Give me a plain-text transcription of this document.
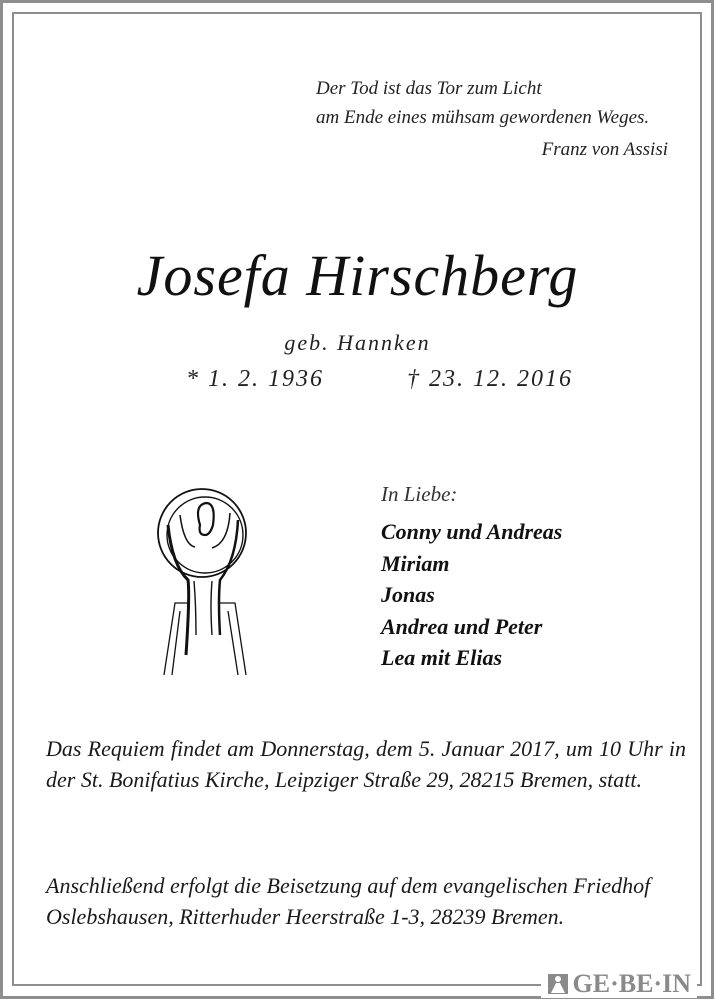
Der Tod ist das Tor zum Licht
am Ende eines mühsam gewordenen Weges.
Franz von Assisi
Josefa Hirschberg
geb. Hannken
* 1. 2. 1936	† 23. 12. 2016
In Liebe:
Conny und Andreas
Miriam
Jonas
Andrea und Peter
Lea mit Elias
Das Requiem findet am Donnerstag, dem 5. Januar 2017, um 10 Uhr in der St. Bonifatius Kirche, Leipziger Straße 29, 28215 Bremen, statt.
Anschließend erfolgt die Beisetzung auf dem evangelischen Friedhof Oslebshausen, Ritterhuder Heerstraße 1-3, 28239 Bremen.
GE·BE·IN
